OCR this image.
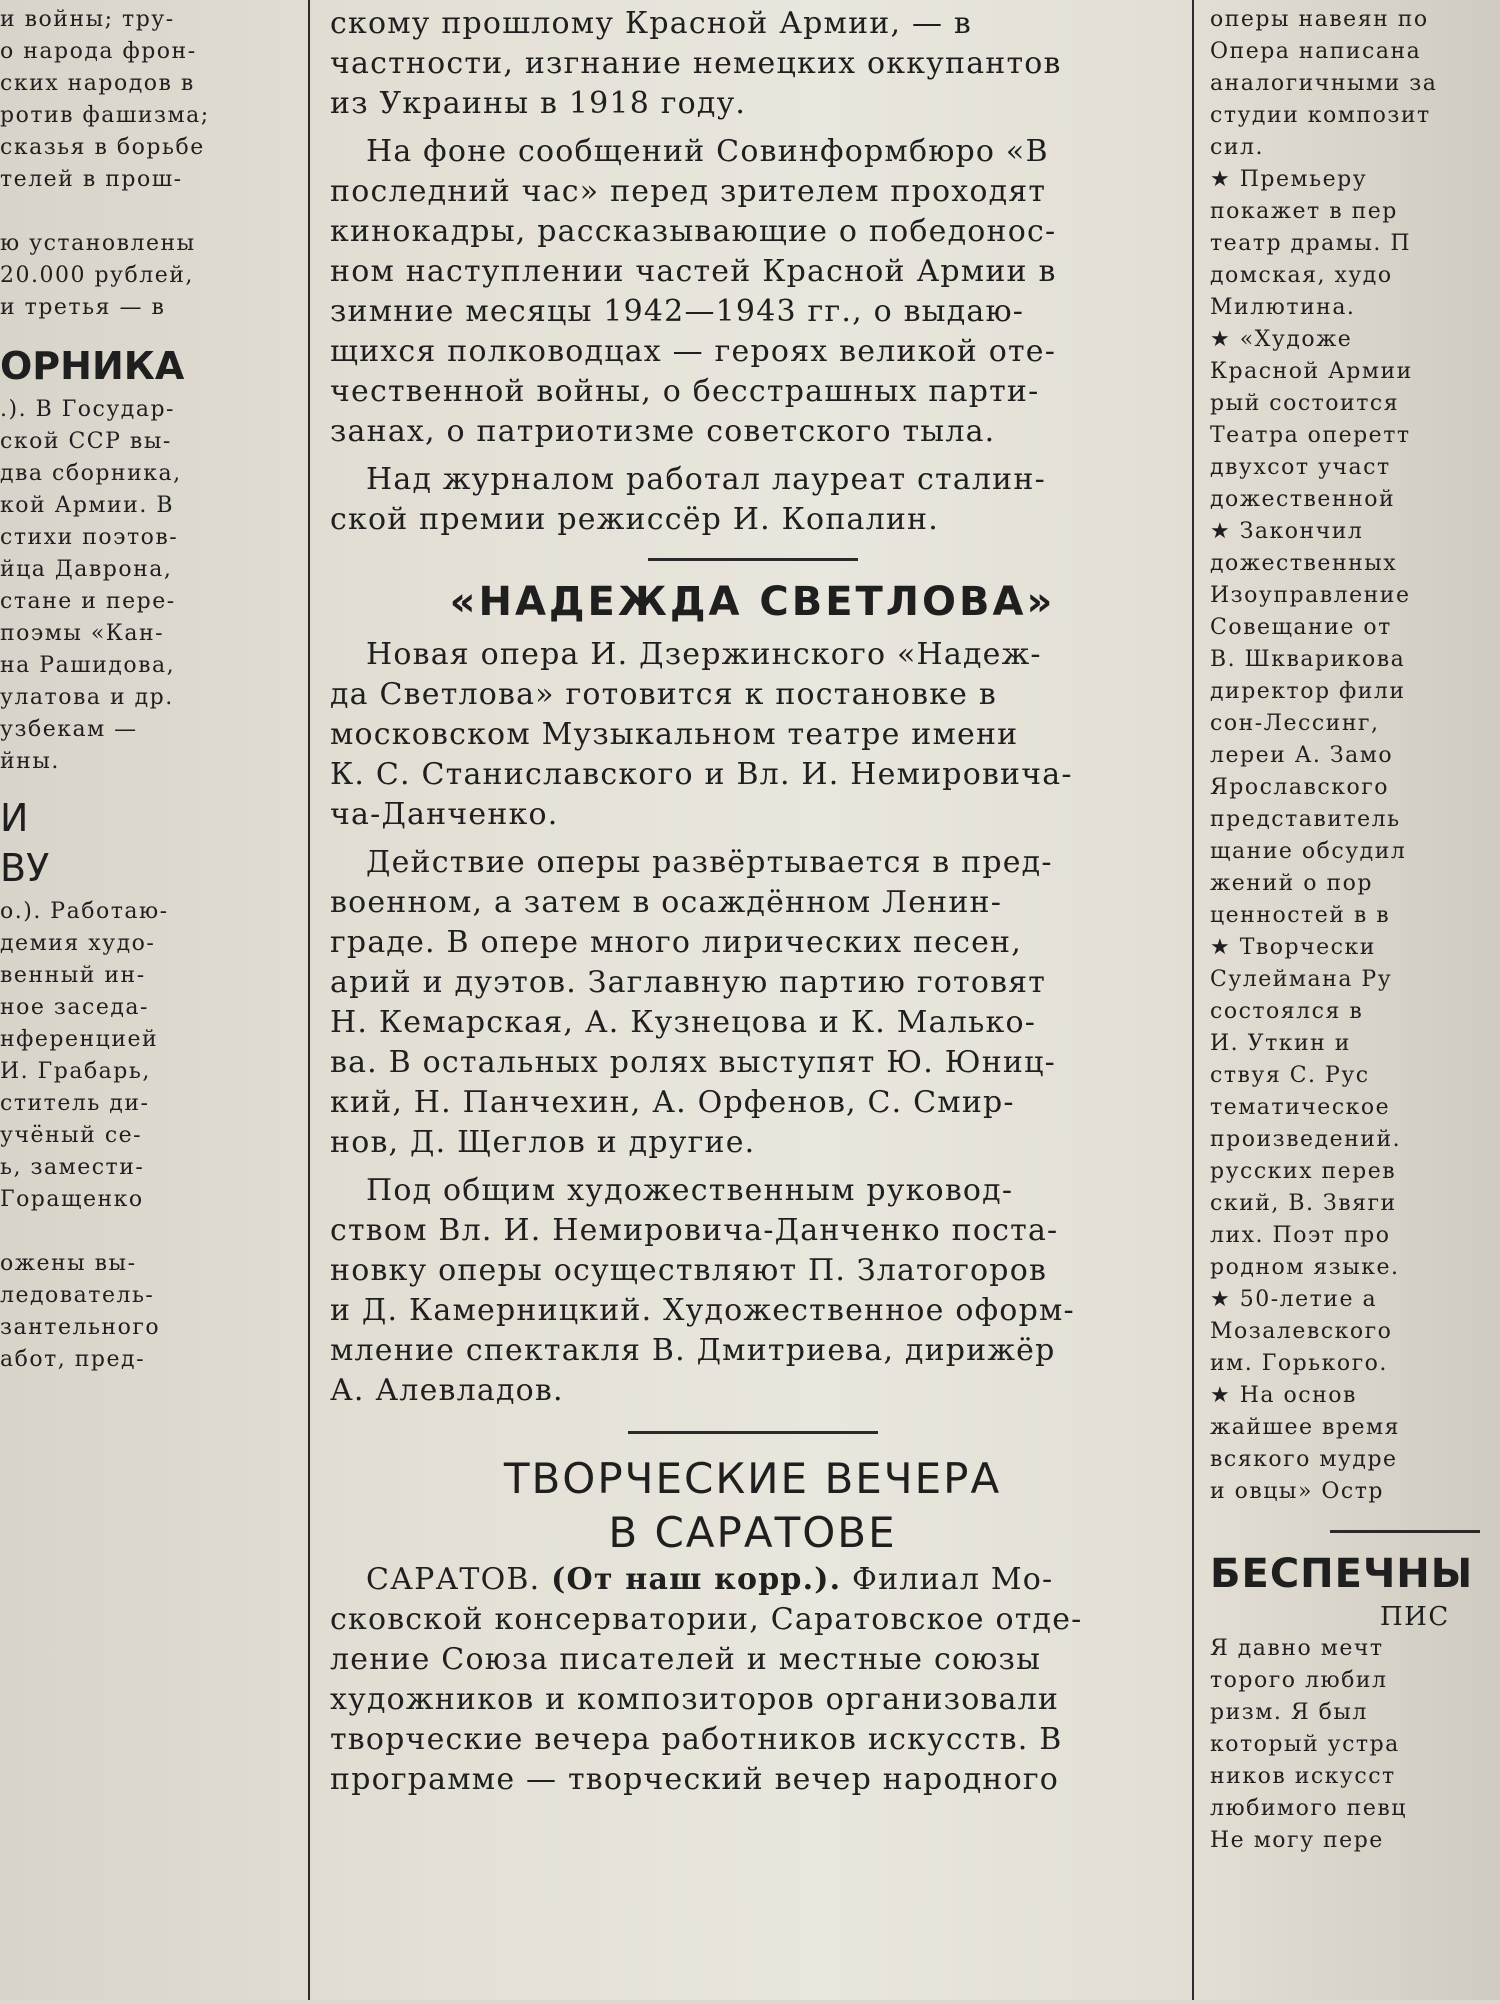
и войны; тру-
о народа фрон-
ских народов в
ротив фашизма;
сказья в борьбе
телей в прош-

ю установлены
20.000 рублей,
и третья — в
ОРНИКА
.). В Государ-
ской ССР вы-
два сборника,
кой Армии. В
стихи поэтов-
йца Даврона,
стане и пере-
поэмы «Кан-
на Рашидова,
улатова и др.
узбекам —
йны.
И
ВУ
о.). Работаю-
демия худо-
венный ин-
ное заседа-
нференцией
И. Грабарь,
ститель ди-
учёный се-
ь, замести-
Горащенко

ожены вы-
ледователь-
зантельного
абот, пред-
скому прошлому Красной Армии, — в
частности, изгнание немецких оккупантов
из Украины в 1918 году.
На фоне сообщений Совинформбюро «В
последний час» перед зрителем проходят
кинокадры, рассказывающие о победонос-
ном наступлении частей Красной Армии в
зимние месяцы 1942—1943 гг., о выдаю-
щихся полководцах — героях великой оте-
чественной войны, о бесстрашных парти-
занах, о патриотизме советского тыла.
Над журналом работал лауреат сталин-
ской премии режиссёр И. Копалин.
«НАДЕЖДА СВЕТЛОВА»
Новая опера И. Дзержинского «Надеж-
да Светлова» готовится к постановке в
московском Музыкальном театре имени
К. С. Станиславского и Вл. И. Немировича-
ча-Данченко.
Действие оперы развёртывается в пред-
военном, а затем в осаждённом Ленин-
граде. В опере много лирических песен,
арий и дуэтов. Заглавную партию готовят
Н. Кемарская, А. Кузнецова и К. Малько-
ва. В остальных ролях выступят Ю. Юниц-
кий, Н. Панчехин, А. Орфенов, С. Смир-
нов, Д. Щеглов и другие.
Под общим художественным руковод-
ством Вл. И. Немировича-Данченко поста-
новку оперы осуществляют П. Златогоров
и Д. Камерницкий. Художественное оформ-
мление спектакля В. Дмитриева, дирижёр
А. Алевладов.
ТВОРЧЕСКИЕ ВЕЧЕРА
В САРАТОВЕ
САРАТОВ. (От наш корр.). Филиал Мо-
сковской консерватории, Саратовское отде-
ление Союза писателей и местные союзы
художников и композиторов организовали
творческие вечера работников искусств. В
программе — творческий вечер народного
оперы навеян по
Опера написана
аналогичными за
студии композит
сил.
★ Премьеру
покажет в пер
театр драмы. П
домская, худо
Милютина.
★ «Художе
Красной Армии
рый состоится
Театра оперетт
двухсот участ
дожественной
★ Закончил
дожественных
Изоуправление
Совещание от
В. Шкварикова
директор фили
сон-Лессинг,
лереи А. Замо
Ярославского
представитель
щание обсудил
жений о пор
ценностей в в
★ Творчески
Сулеймана Ру
состоялся в
И. Уткин и
ствуя С. Рус
тематическое
произведений.
русских перев
ский, В. Звяги
лих. Поэт про
родном языке.
★ 50-летие а
Мозалевского
им. Горького.
★ На основ
жайшее время
всякого мудре
и овцы» Остр
БЕСПЕЧНЫ
ПИС
Я давно мечт
торого любил
ризм. Я был
который устра
ников искусст
любимого певц
Не могу пере
